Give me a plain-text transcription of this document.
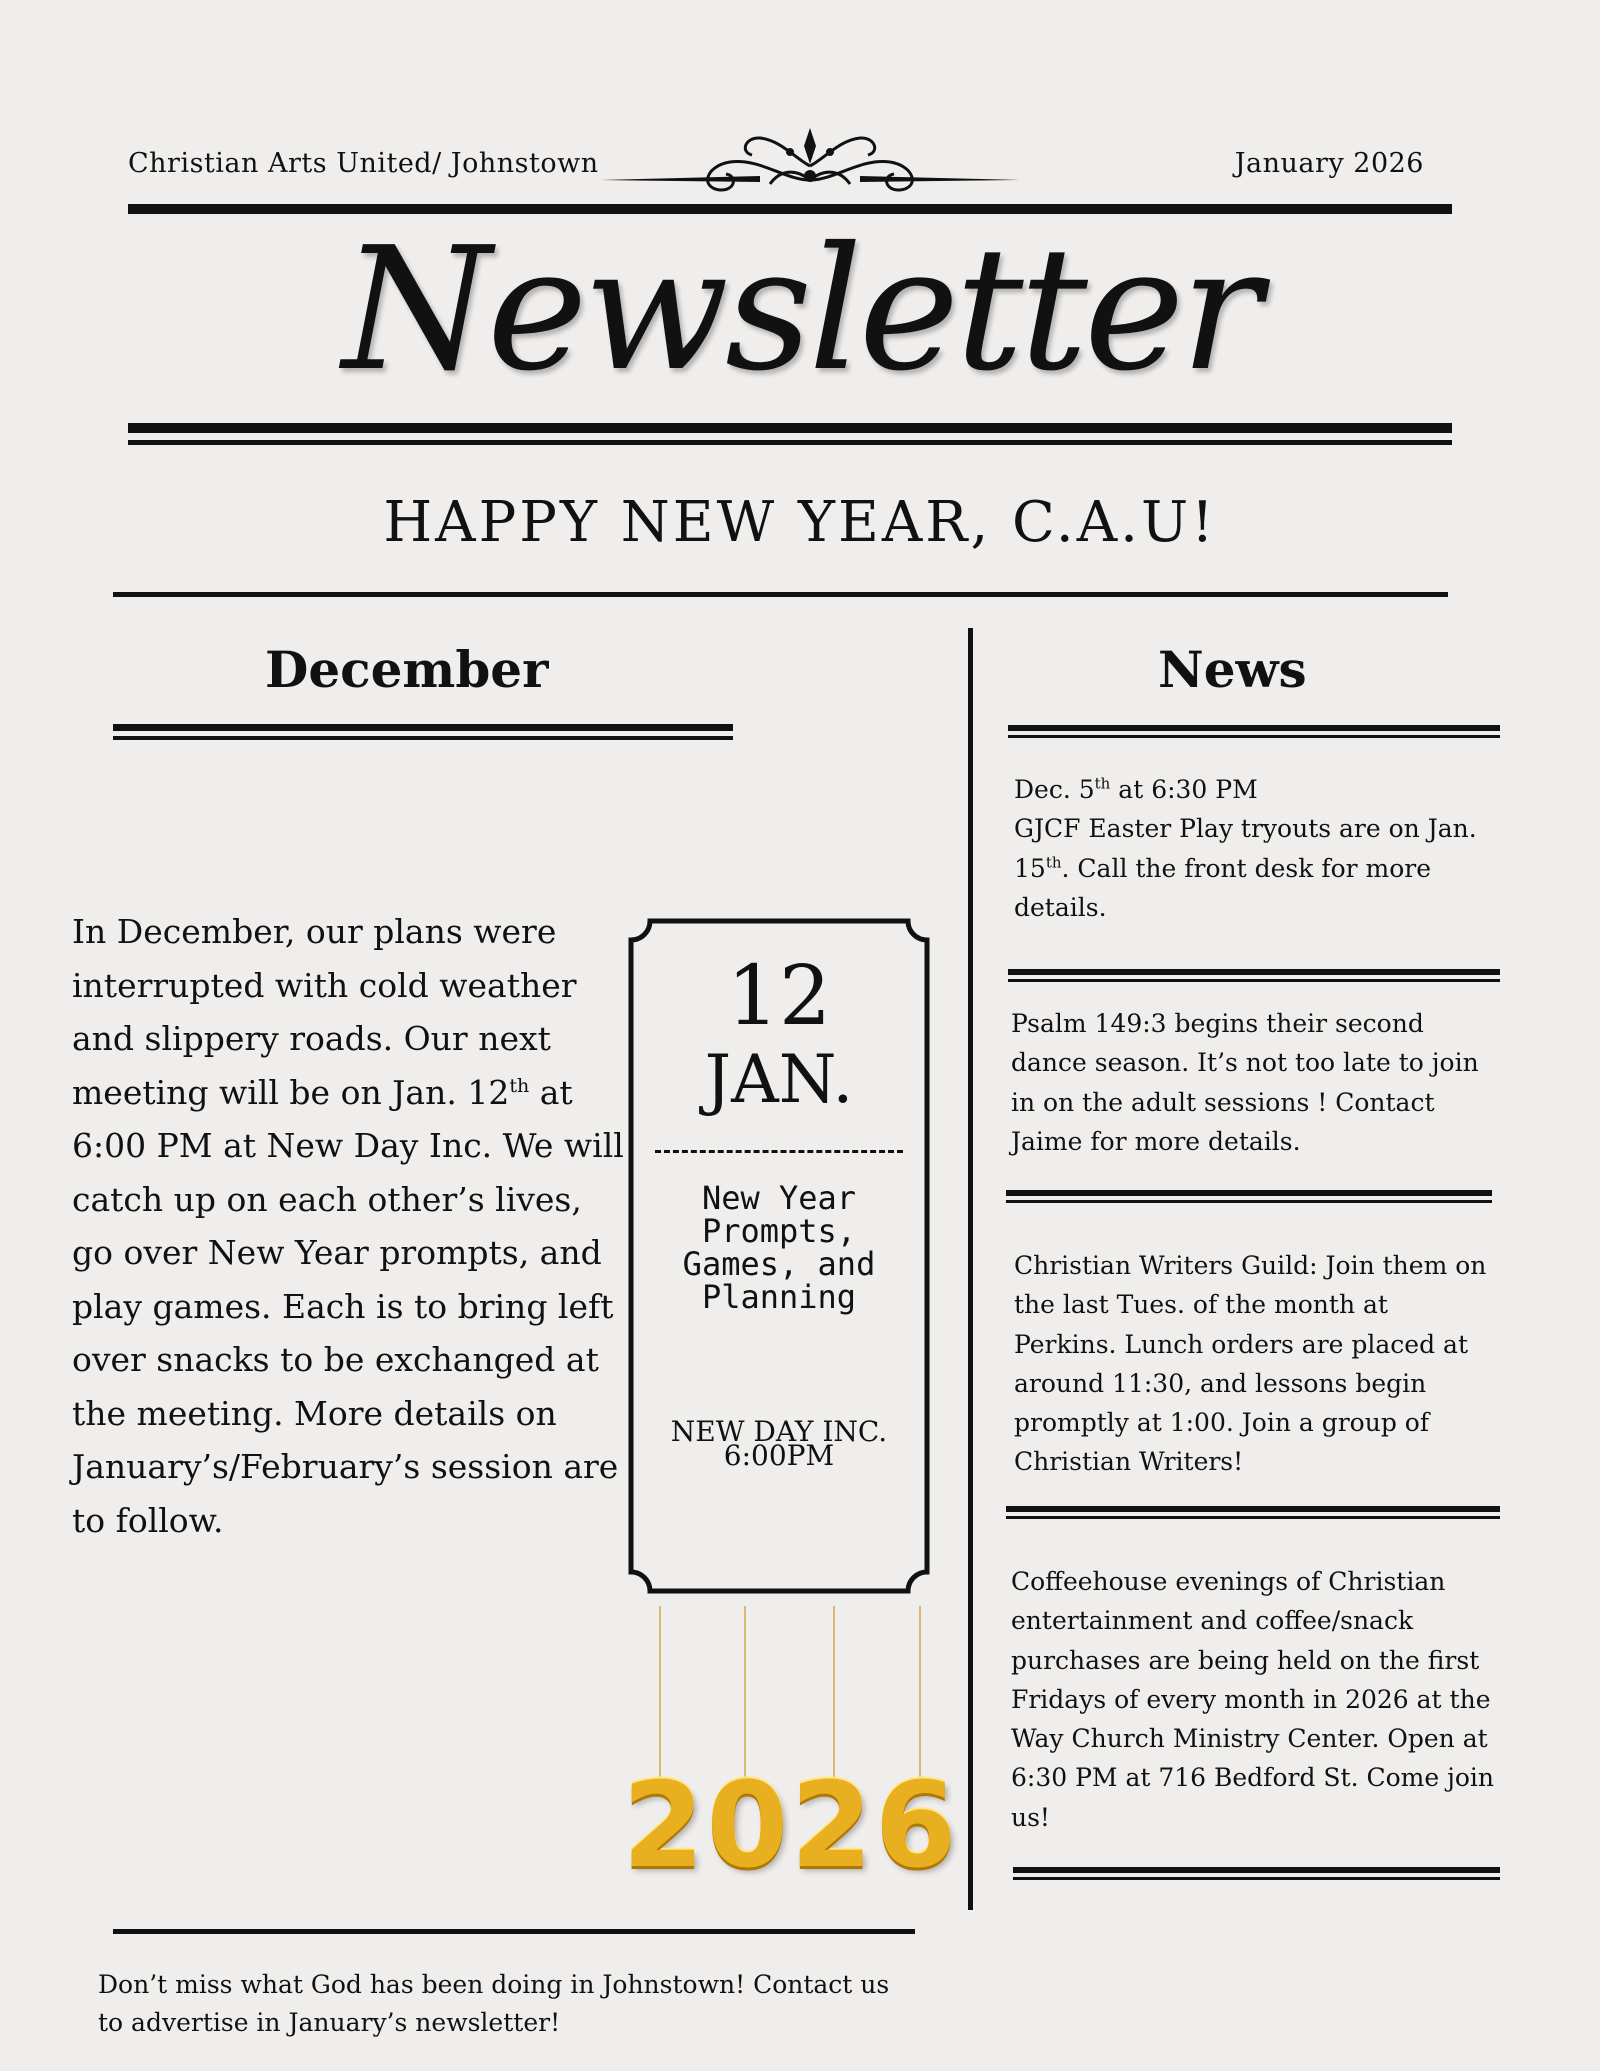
Christian Arts United/ Johnstown	January 2026
Newsletter
HAPPY NEW YEAR, C.A.U!
December
In December, our plans were interrupted with cold weather and slippery roads. Our next meeting will be on Jan. 12th at 6:00 PM at New Day Inc. We will catch up on each other’s lives, go over New Year prompts, and play games. Each is to bring left over snacks to be exchanged at the meeting. More details on January’s/February’s session are to follow.
12
JAN.
New Year Prompts, Games, and Planning
NEW DAY INC.
6:00PM
2026
News
Dec. 5th at 6:30 PM
GJCF Easter Play tryouts are on Jan. 15th. Call the front desk for more details.
Psalm 149:3 begins their second dance season. It’s not too late to join in on the adult sessions ! Contact Jaime for more details.
Christian Writers Guild: Join them on the last Tues. of the month at Perkins. Lunch orders are placed at around 11:30, and lessons begin promptly at 1:00. Join a group of Christian Writers!
Coffeehouse evenings of Christian entertainment and coffee/snack purchases are being held on the first Fridays of every month in 2026 at the Way Church Ministry Center. Open at 6:30 PM at 716 Bedford St. Come join us!
Don’t miss what God has been doing in Johnstown! Contact us to advertise in January’s newsletter!
